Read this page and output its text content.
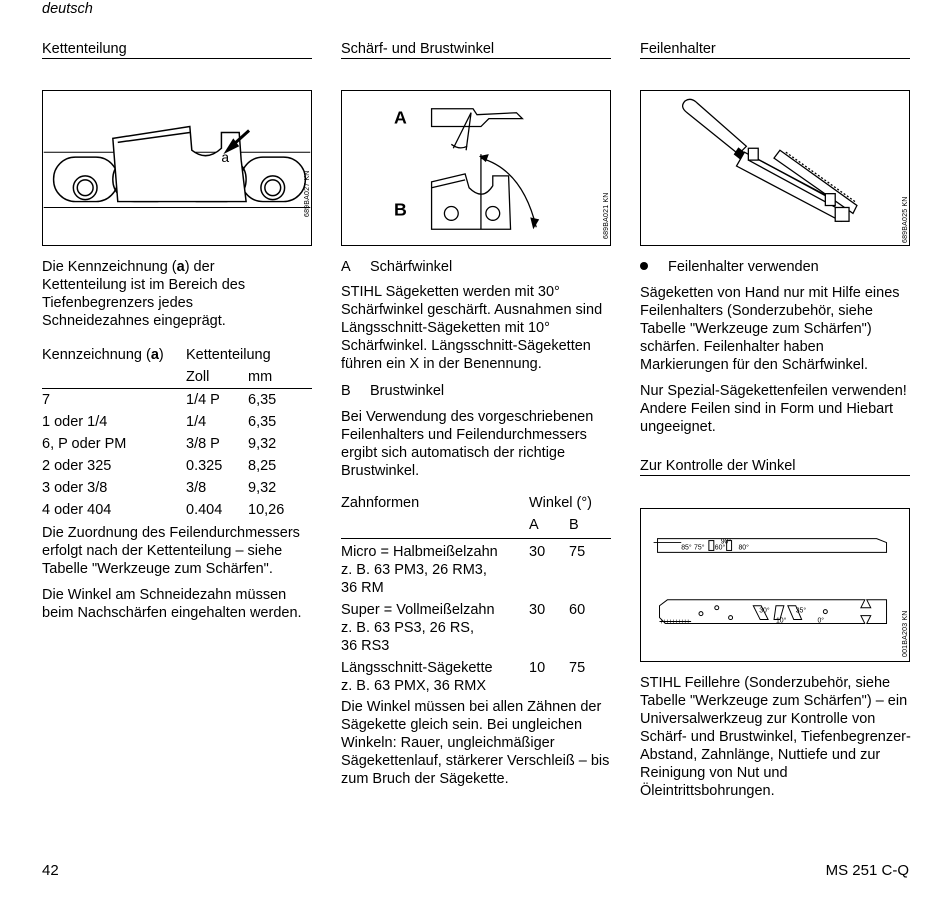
deutsch
Kettenteilung
a
689BA027 KN

Die Kennzeichnung (a) der Kettenteilung ist im Bereich des Tiefenbegrenzers jedes Schneidezahnes eingeprägt.

Kennzeichnung (a)	Kettenteilung	
	Zoll	mm
7	1/4 P	6,35
1 oder 1/4	1/4	6,35
6, P oder PM	3/8 P	9,32
2 oder 325	0.325	8,25
3 oder 3/8	3/8	9,32
4 oder 404	0.404	10,26

Die Zuordnung des Feilendurchmessers erfolgt nach der Kettenteilung – siehe Tabelle "Werkzeuge zum Schärfen".

Die Winkel am Schneidezahn müssen beim Nachschärfen eingehalten werden.

Schärf- und Brustwinkel
A
B	689BA021 KN
A Schärfwinkel

STIHL Sägeketten werden mit 30° Schärfwinkel geschärft. Ausnahmen sind Längsschnitt-Sägeketten mit 10° Schärfwinkel. Längsschnitt-Sägeketten führen ein X in der Benennung.

B Brustwinkel

Bei Verwendung des vorgeschriebenen Feilenhalters und Feilendurchmessers ergibt sich automatisch der richtige Brustwinkel.

Zahnformen	Winkel (°)
A B
Micro = Halbmeißelzahn
z. B. 63 PM3, 26 RM3,
36 RM
30 75
Super = Vollmeißelzahn
z. B. 63 PS3, 26 RS,
36 RS3
30 60
Längsschnitt-Sägekette
z. B. 63 PMX, 36 RMX
10 75

Die Winkel müssen bei allen Zähnen der Sägekette gleich sein. Bei ungleichen Winkeln: Rauer, ungleichmäßiger Sägekettenlauf, stärkerer Verschleiß – bis zum Bruch der Sägekette.

Feilenhalter
689BA025 KN
Feilenhalter verwenden

Sägeketten von Hand nur mit Hilfe eines Feilenhalters (Sonderzubehör, siehe Tabelle "Werkzeuge zum Schärfen") schärfen. Feilenhalter haben Markierungen für den Schärfwinkel.

Nur Spezial-Sägekettenfeilen verwenden! Andere Feilen sind in Form und Hiebart ungeeignet.

Zur Kontrolle der Winkel
85° 75° 60°
90°
80°
30°
10°
35°
0°	001BA203 KN

STIHL Feillehre (Sonderzubehör, siehe Tabelle "Werkzeuge zum Schärfen") – ein Universalwerkzeug zur Kontrolle von Schärf- und Brustwinkel, Tiefenbegrenzer-Abstand, Zahnlänge, Nuttiefe und zur Reinigung von Nut und Öleintrittsbohrungen.

42	MS 251 C-Q
